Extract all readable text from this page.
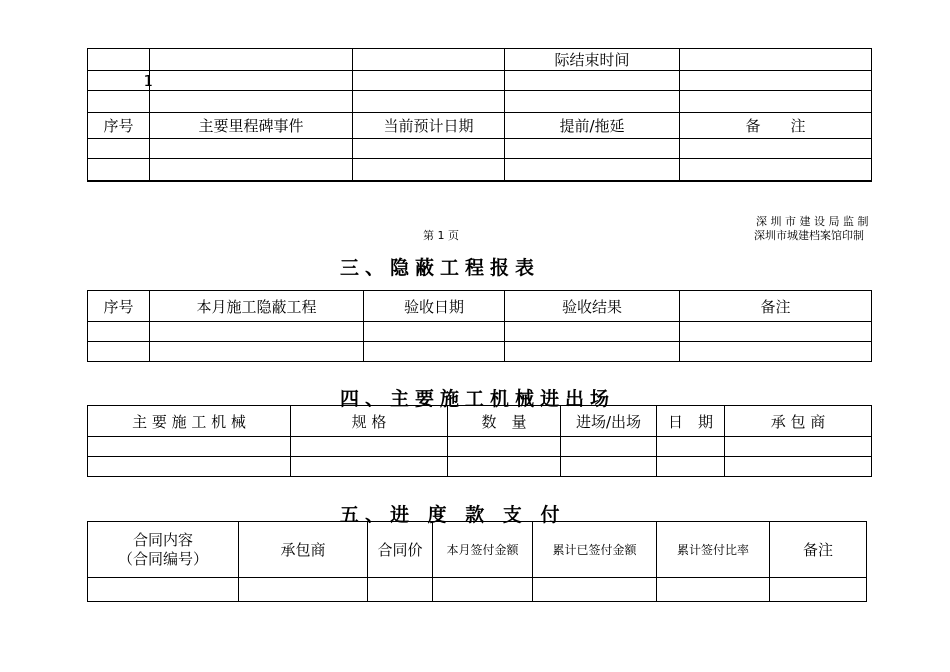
			际结束时间	
1				

序号	主要里程碑事件	当前预计日期	提前/拖延	备　　注

第 1 页
深 圳 市 建 设 局 监 制
深圳市城建档案馆印制
三、隐蔽工程报表
序号	本月施工隐蔽工程	验收日期	验收结果	备注

四、主要施工机械进出场
主 要 施 工 机 械	规 格	数　量	进场/出场	日　期	承 包 商

五、进 度 款 支 付
合同内容
（合同编号）	承包商	合同价	本月签付金额	累计已签付金额	累计签付比率	备注
